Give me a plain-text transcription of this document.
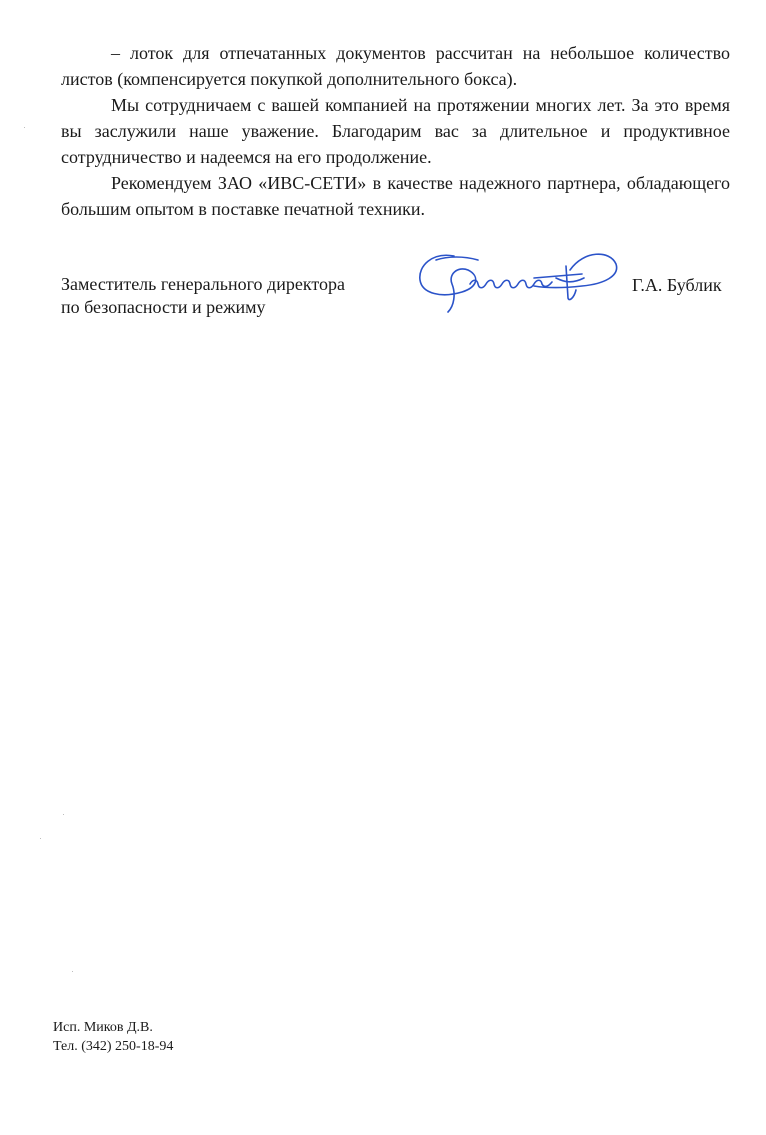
– лоток для отпечатанных документов рассчитан на небольшое количество листов (компенсируется покупкой дополнительного бокса).

Мы сотрудничаем с вашей компанией на протяжении многих лет. За это время вы заслужили наше уважение. Благодарим вас за длительное и продуктивное сотрудничество и надеемся на его продолжение.

Рекомендуем ЗАО «ИВС-СЕТИ» в качестве надежного партнера, обладающего большим опытом в поставке печатной техники.

Заместитель генерального директора
по безопасности и режиму
Г.А. Бублик
Исп. Миков Д.В.
Тел. (342) 250-18-94
